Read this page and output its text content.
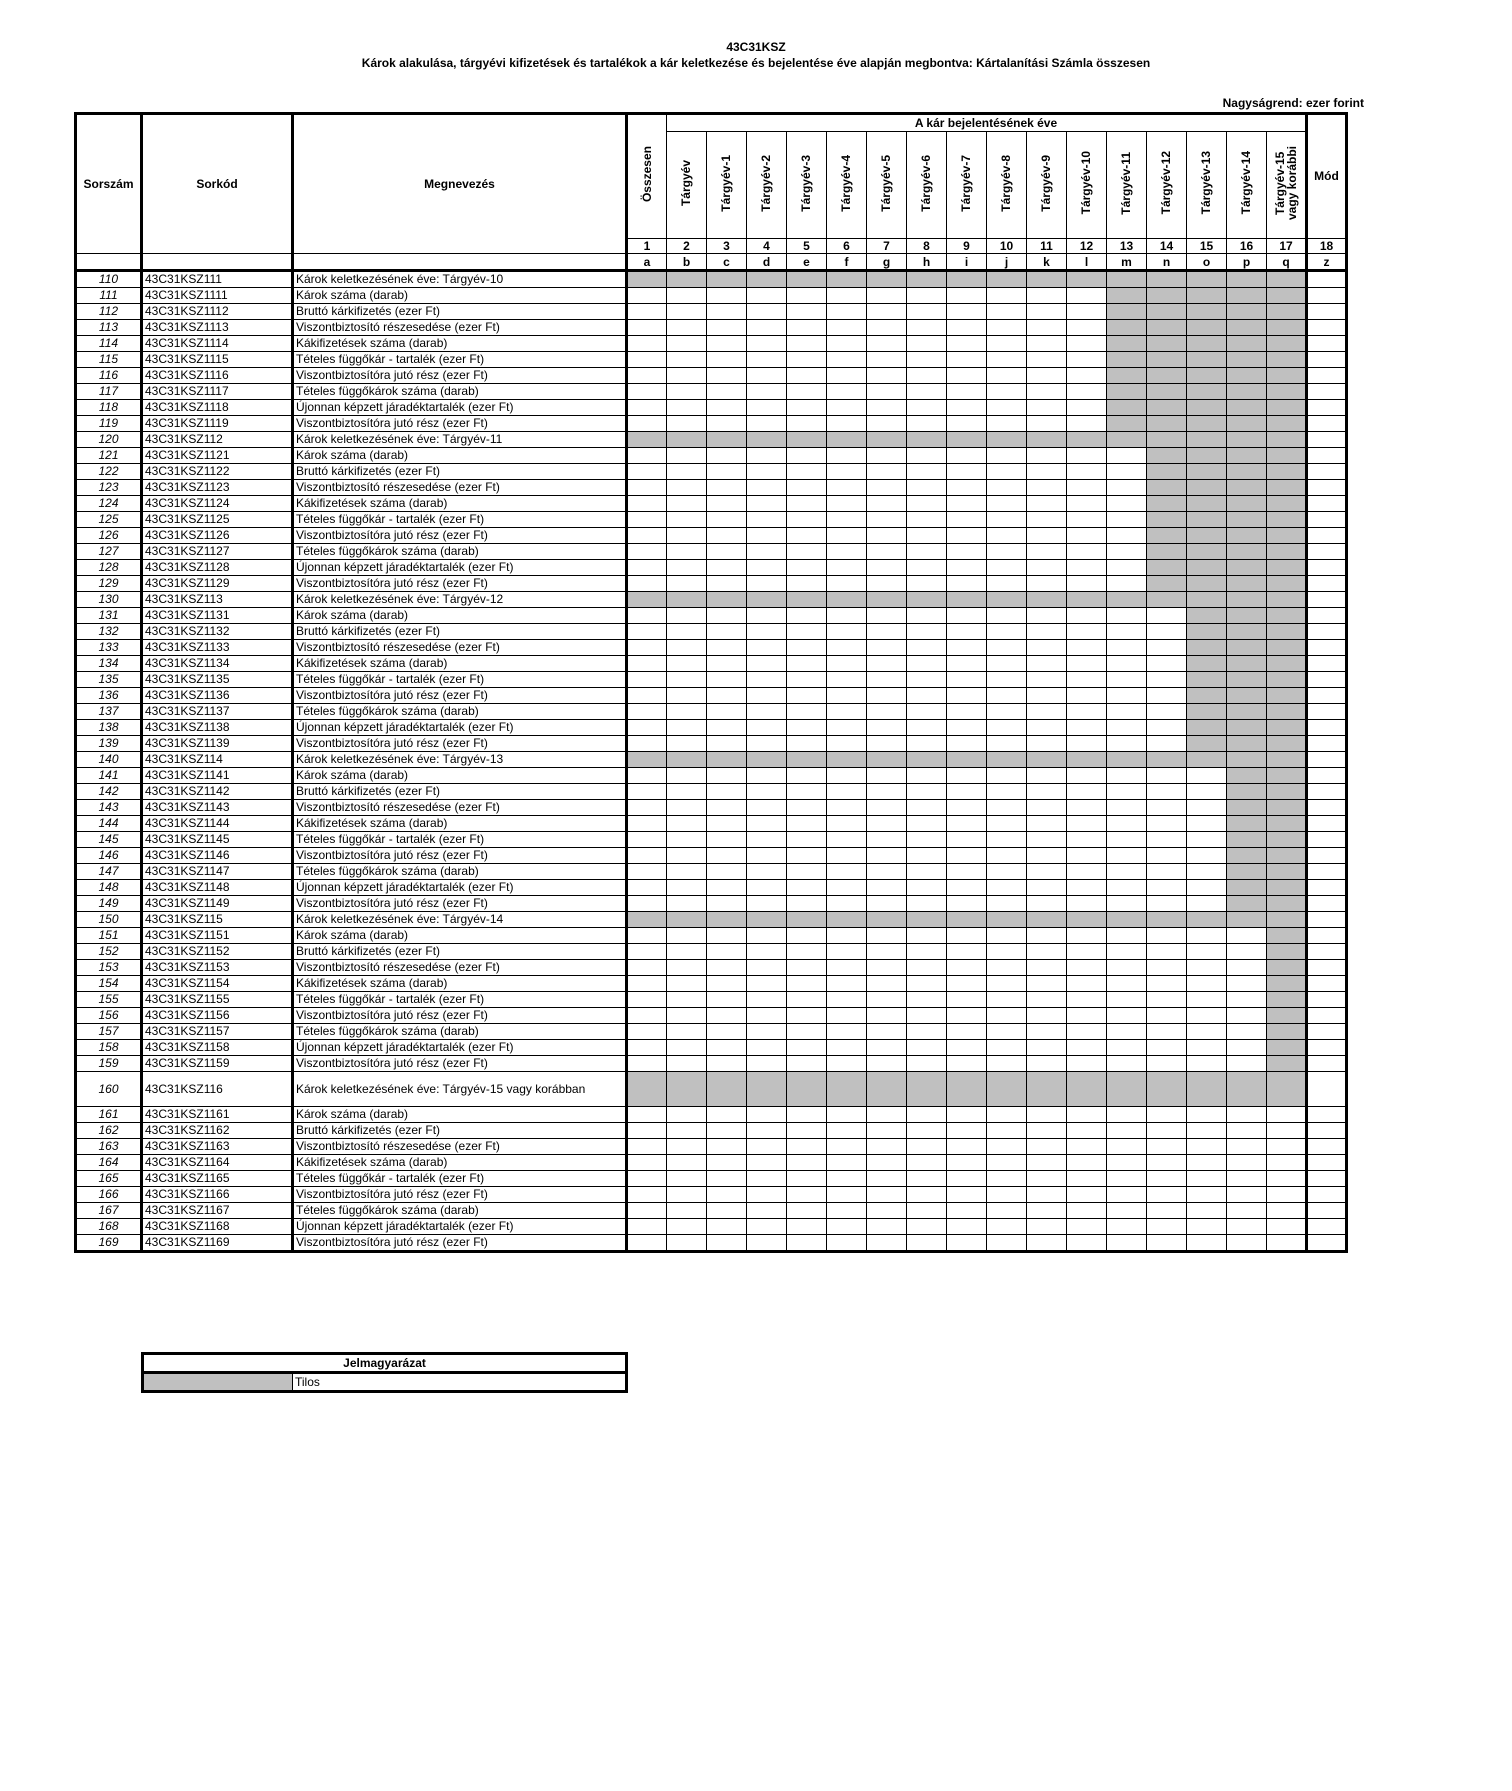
43C31KSZ
Károk alakulása, tárgyévi kifizetések és tartalékok a kár keletkezése és bejelentése éve alapján megbontva: Kártalanítási Számla összesen
Nagyságrend: ezer forint
Sorszám	Sorkód	Megnevezés	Összesen	A kár bejelentésének éve																Mód
				Tárgyév	Tárgyév-1	Tárgyév-2	Tárgyév-3	Tárgyév-4	Tárgyév-5	Tárgyév-6	Tárgyév-7	Tárgyév-8	Tárgyév-9	Tárgyév-10	Tárgyév-11	Tárgyév-12	Tárgyév-13	Tárgyév-14	Tárgyév-15
vagy korábbi	
			1	2	3	4	5	6	7	8	9	10	11	12	13	14	15	16	17	18
			a	b	c	d	e	f	g	h	i	j	k	l	m	n	o	p	q	z
110	43C31KSZ111	Károk keletkezésének éve: Tárgyév-10																		
111	43C31KSZ1111	Károk száma (darab)																		
112	43C31KSZ1112	Bruttó kárkifizetés (ezer Ft)																		
113	43C31KSZ1113	Viszontbiztosító részesedése (ezer Ft)																		
114	43C31KSZ1114	Kákifizetések száma (darab)																		
115	43C31KSZ1115	Tételes függőkár - tartalék (ezer Ft)																		
116	43C31KSZ1116	Viszontbiztosítóra jutó rész (ezer Ft)																		
117	43C31KSZ1117	Tételes függőkárok száma (darab)																		
118	43C31KSZ1118	Újonnan képzett járadéktartalék (ezer Ft)																		
119	43C31KSZ1119	Viszontbiztosítóra jutó rész (ezer Ft)																		
120	43C31KSZ112	Károk keletkezésének éve: Tárgyév-11																		
121	43C31KSZ1121	Károk száma (darab)																		
122	43C31KSZ1122	Bruttó kárkifizetés (ezer Ft)																		
123	43C31KSZ1123	Viszontbiztosító részesedése (ezer Ft)																		
124	43C31KSZ1124	Kákifizetések száma (darab)																		
125	43C31KSZ1125	Tételes függőkár - tartalék (ezer Ft)																		
126	43C31KSZ1126	Viszontbiztosítóra jutó rész (ezer Ft)																		
127	43C31KSZ1127	Tételes függőkárok száma (darab)																		
128	43C31KSZ1128	Újonnan képzett járadéktartalék (ezer Ft)																		
129	43C31KSZ1129	Viszontbiztosítóra jutó rész (ezer Ft)																		
130	43C31KSZ113	Károk keletkezésének éve: Tárgyév-12																		
131	43C31KSZ1131	Károk száma (darab)																		
132	43C31KSZ1132	Bruttó kárkifizetés (ezer Ft)																		
133	43C31KSZ1133	Viszontbiztosító részesedése (ezer Ft)																		
134	43C31KSZ1134	Kákifizetések száma (darab)																		
135	43C31KSZ1135	Tételes függőkár - tartalék (ezer Ft)																		
136	43C31KSZ1136	Viszontbiztosítóra jutó rész (ezer Ft)																		
137	43C31KSZ1137	Tételes függőkárok száma (darab)																		
138	43C31KSZ1138	Újonnan képzett járadéktartalék (ezer Ft)																		
139	43C31KSZ1139	Viszontbiztosítóra jutó rész (ezer Ft)																		
140	43C31KSZ114	Károk keletkezésének éve: Tárgyév-13																		
141	43C31KSZ1141	Károk száma (darab)																		
142	43C31KSZ1142	Bruttó kárkifizetés (ezer Ft)																		
143	43C31KSZ1143	Viszontbiztosító részesedése (ezer Ft)																		
144	43C31KSZ1144	Kákifizetések száma (darab)																		
145	43C31KSZ1145	Tételes függőkár - tartalék (ezer Ft)																		
146	43C31KSZ1146	Viszontbiztosítóra jutó rész (ezer Ft)																		
147	43C31KSZ1147	Tételes függőkárok száma (darab)																		
148	43C31KSZ1148	Újonnan képzett járadéktartalék (ezer Ft)																		
149	43C31KSZ1149	Viszontbiztosítóra jutó rész (ezer Ft)																		
150	43C31KSZ115	Károk keletkezésének éve: Tárgyév-14																		
151	43C31KSZ1151	Károk száma (darab)																		
152	43C31KSZ1152	Bruttó kárkifizetés (ezer Ft)																		
153	43C31KSZ1153	Viszontbiztosító részesedése (ezer Ft)																		
154	43C31KSZ1154	Kákifizetések száma (darab)																		
155	43C31KSZ1155	Tételes függőkár - tartalék (ezer Ft)																		
156	43C31KSZ1156	Viszontbiztosítóra jutó rész (ezer Ft)																		
157	43C31KSZ1157	Tételes függőkárok száma (darab)																		
158	43C31KSZ1158	Újonnan képzett járadéktartalék (ezer Ft)																		
159	43C31KSZ1159	Viszontbiztosítóra jutó rész (ezer Ft)																		
160	43C31KSZ116	Károk keletkezésének éve: Tárgyév-15 vagy korábban																		
161	43C31KSZ1161	Károk száma (darab)																		
162	43C31KSZ1162	Bruttó kárkifizetés (ezer Ft)																		
163	43C31KSZ1163	Viszontbiztosító részesedése (ezer Ft)																		
164	43C31KSZ1164	Kákifizetések száma (darab)																		
165	43C31KSZ1165	Tételes függőkár - tartalék (ezer Ft)																		
166	43C31KSZ1166	Viszontbiztosítóra jutó rész (ezer Ft)																		
167	43C31KSZ1167	Tételes függőkárok száma (darab)																		
168	43C31KSZ1168	Újonnan képzett járadéktartalék (ezer Ft)																		
169	43C31KSZ1169	Viszontbiztosítóra jutó rész (ezer Ft)																		
Jelmagyarázat
	Tilos
